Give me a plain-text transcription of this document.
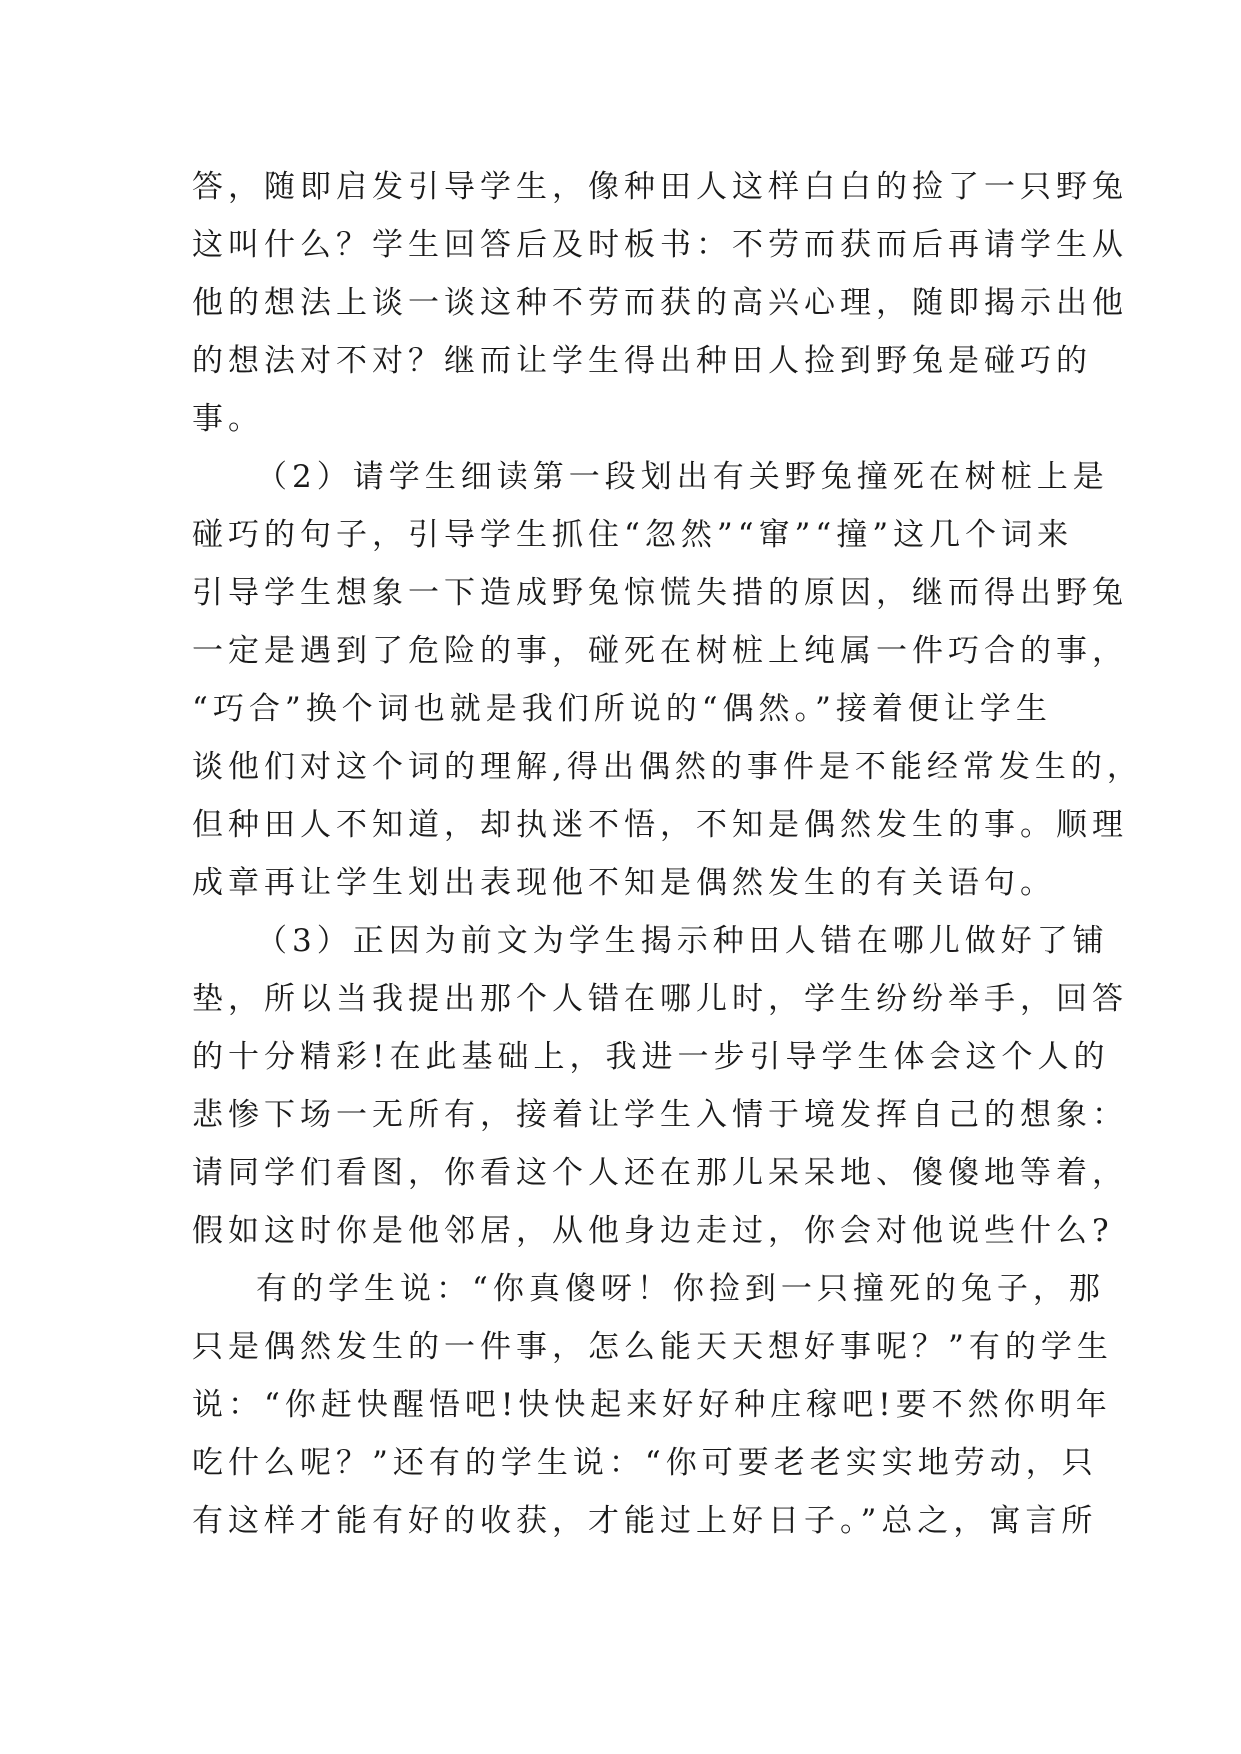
答，随即启发引导学生，像种田人这样白白的捡了一只野兔
这叫什么？学生回答后及时板书：不劳而获而后再请学生从
他的想法上谈一谈这种不劳而获的高兴心理，随即揭示出他
的想法对不对？继而让学生得出种田人捡到野兔是碰巧的
事。
（2）请学生细读第一段划出有关野兔撞死在树桩上是
碰巧的句子，引导学生抓住“忽然”“窜”“撞”这几个词来
引导学生想象一下造成野兔惊慌失措的原因，继而得出野兔
一定是遇到了危险的事，碰死在树桩上纯属一件巧合的事，
“巧合”换个词也就是我们所说的“偶然。”接着便让学生
谈他们对这个词的理解,得出偶然的事件是不能经常发生的，
但种田人不知道，却执迷不悟，不知是偶然发生的事。顺理
成章再让学生划出表现他不知是偶然发生的有关语句。
（3）正因为前文为学生揭示种田人错在哪儿做好了铺
垫，所以当我提出那个人错在哪儿时，学生纷纷举手，回答
的十分精彩!在此基础上，我进一步引导学生体会这个人的
悲惨下场一无所有，接着让学生入情于境发挥自己的想象：
请同学们看图，你看这个人还在那儿呆呆地、傻傻地等着，
假如这时你是他邻居，从他身边走过，你会对他说些什么?
有的学生说：“你真傻呀！你捡到一只撞死的兔子，那
只是偶然发生的一件事，怎么能天天想好事呢？”有的学生
说：“你赶快醒悟吧!快快起来好好种庄稼吧!要不然你明年
吃什么呢？”还有的学生说：“你可要老老实实地劳动，只
有这样才能有好的收获，才能过上好日子。”总之，寓言所
